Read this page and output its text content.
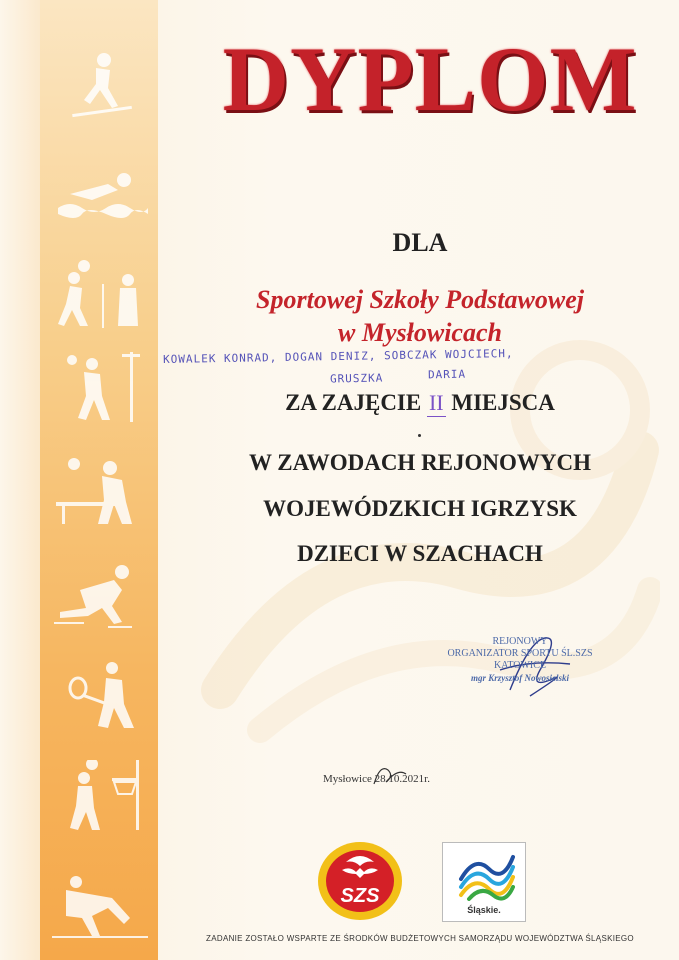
DYPLOM
DLA
Sportowej Szkoły Podstawowej
w Mysłowicach
KOWALEK KONRAD, DOGAN DENIZ, SOBCZAK WOJCIECH,
GRUSZKA	DARIA
ZA ZAJĘCIE II MIEJSCA
W ZAWODACH REJONOWYCH
WOJEWÓDZKICH IGRZYSK
DZIECI W SZACHACH
REJONOWY
ORGANIZATOR SPORTU ŚL.SZS
KATOWICE
mgr Krzysztof Nowosielski
Mysłowice 28.10.2021r.
SZS
Śląskie.
ZADANIE ZOSTAŁO WSPARTE ZE ŚRODKÓW BUDŻETOWYCH SAMORZĄDU WOJEWÓDZTWA ŚLĄSKIEGO
